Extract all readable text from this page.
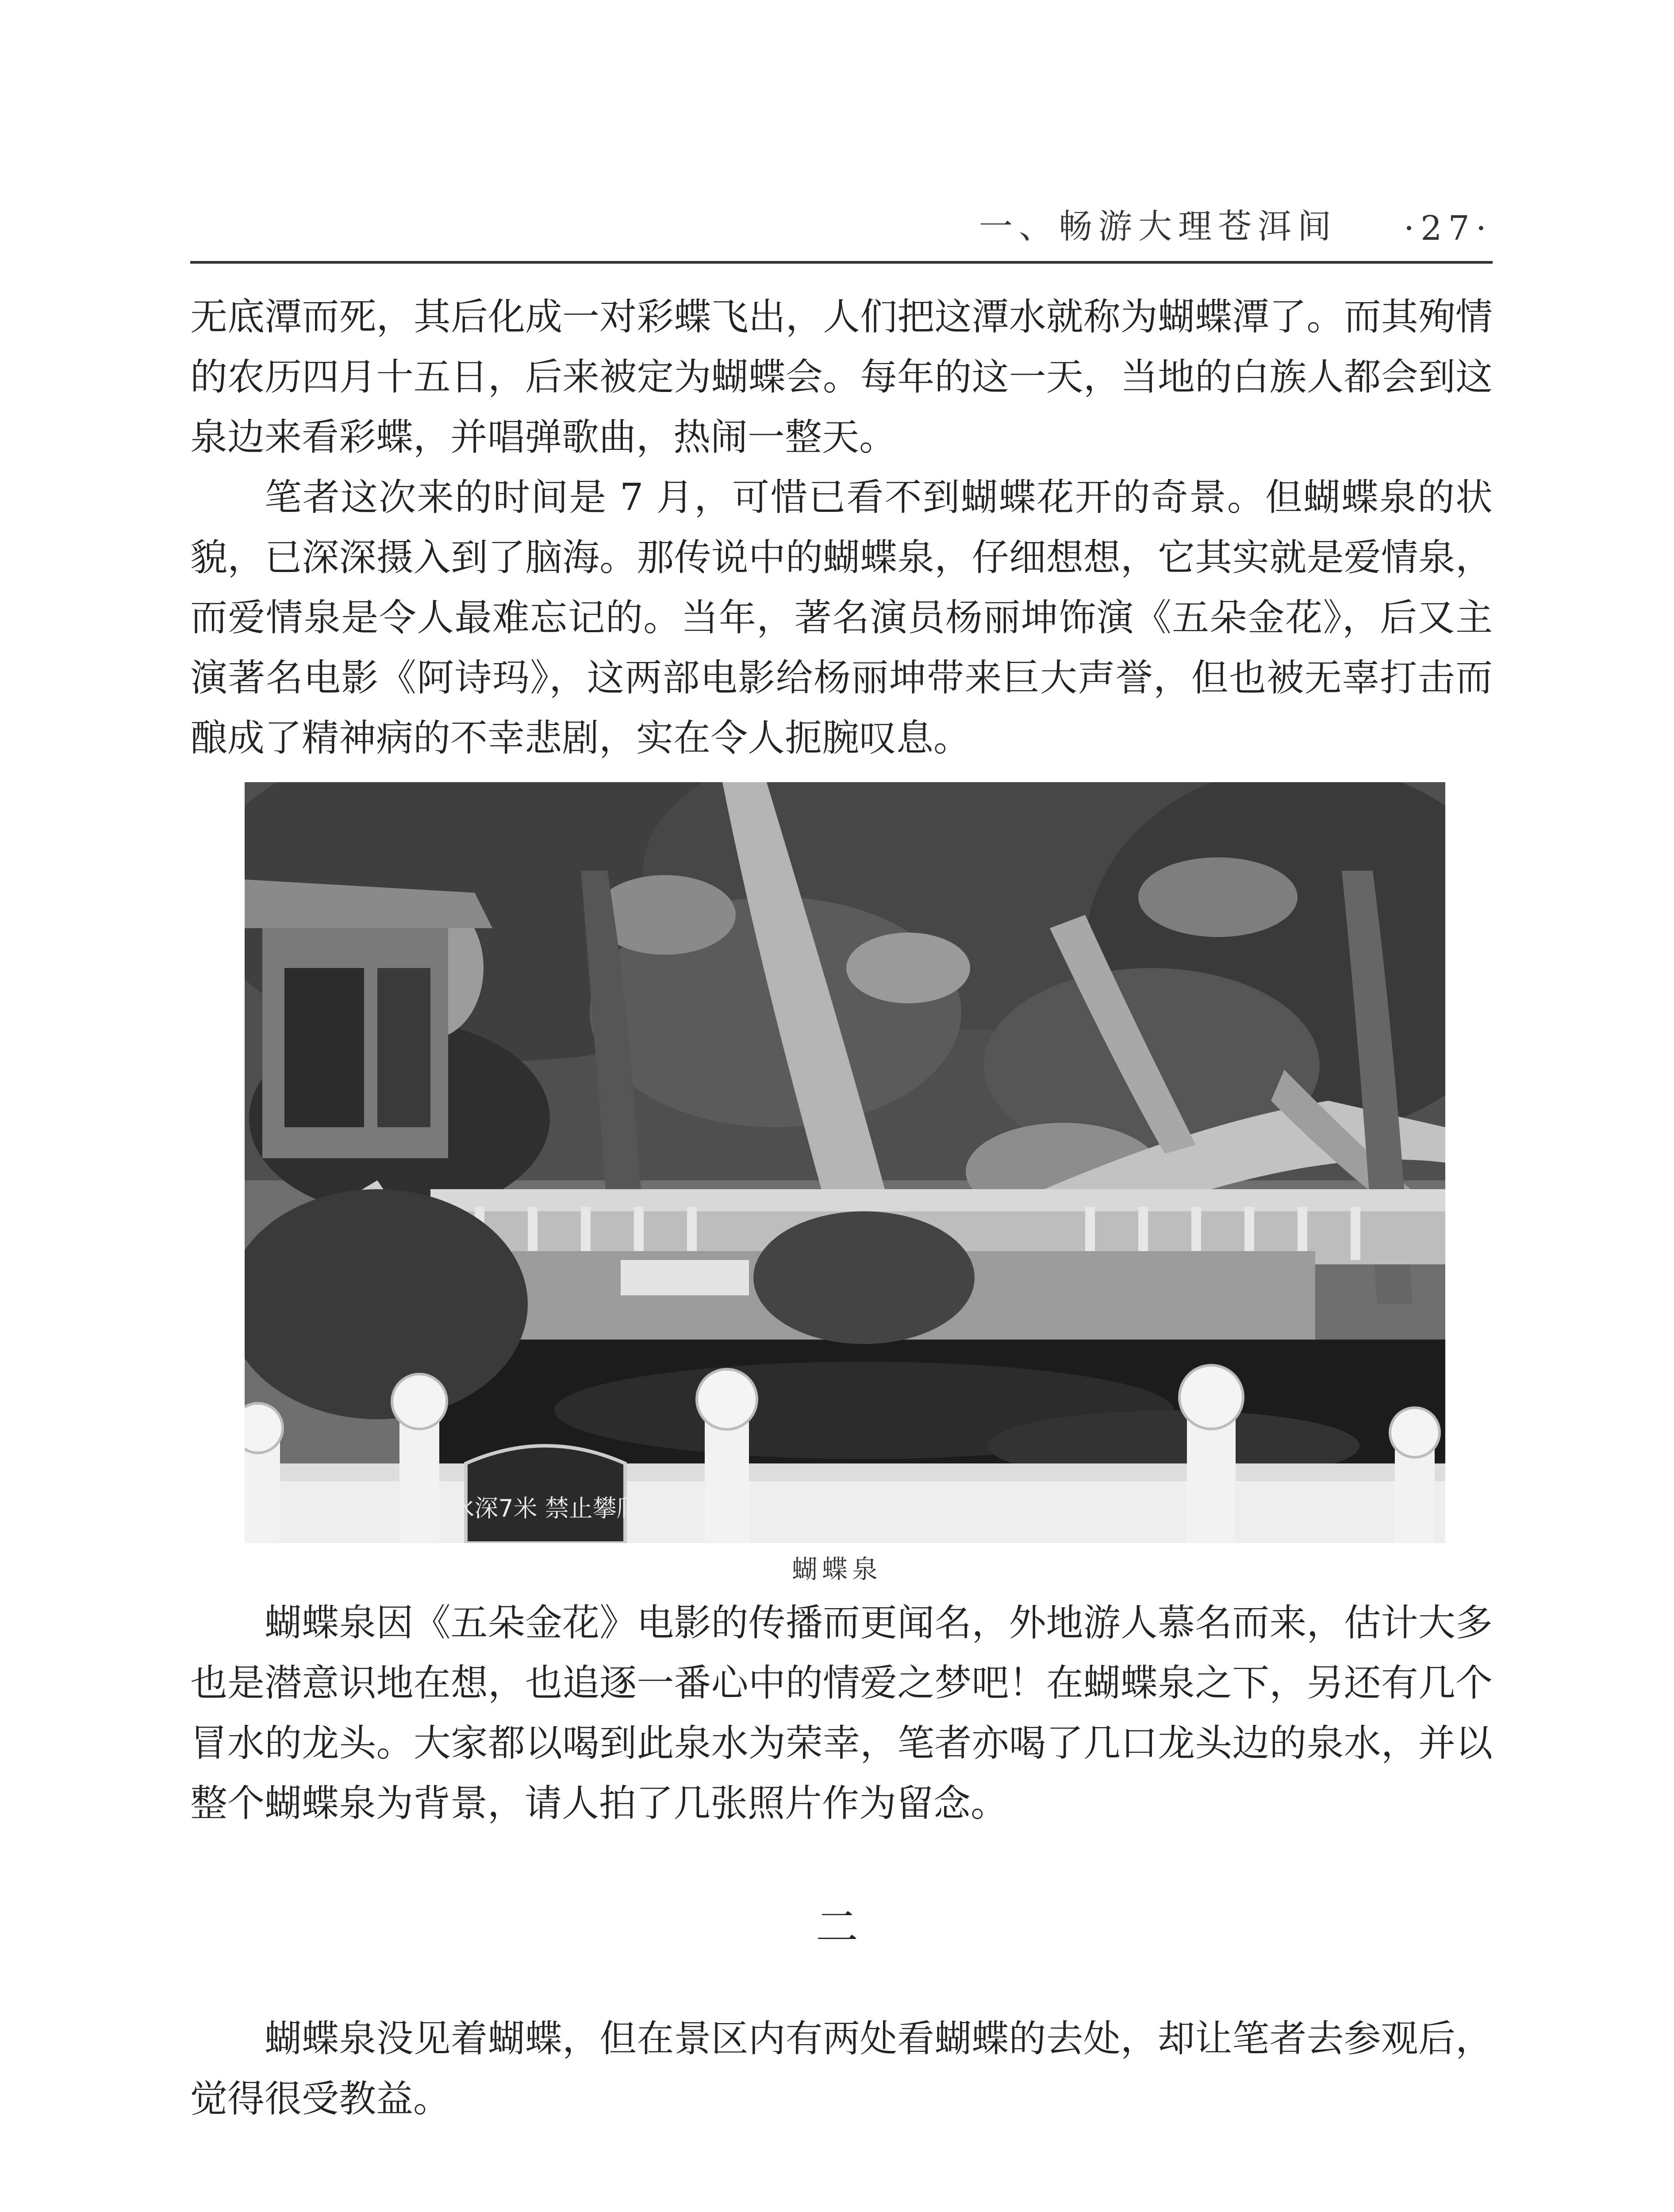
一、畅游大理苍洱间 ·27·

无底潭而死，其后化成一对彩蝶飞出，人们把这潭水就称为蝴蝶潭了。而其殉情的农历四月十五日，后来被定为蝴蝶会。每年的这一天，当地的白族人都会到这泉边来看彩蝶，并唱弹歌曲，热闹一整天。

笔者这次来的时间是 7 月，可惜已看不到蝴蝶花开的奇景。但蝴蝶泉的状貌，已深深摄入到了脑海。那传说中的蝴蝶泉，仔细想想，它其实就是爱情泉，而爱情泉是令人最难忘记的。当年，著名演员杨丽坤饰演《五朵金花》，后又主演著名电影《阿诗玛》，这两部电影给杨丽坤带来巨大声誉，但也被无辜打击而酿成了精神病的不幸悲剧，实在令人扼腕叹息。

水深7米 禁止攀爬
蝴蝶泉

蝴蝶泉因《五朵金花》电影的传播而更闻名，外地游人慕名而来，估计大多也是潜意识地在想，也追逐一番心中的情爱之梦吧！在蝴蝶泉之下，另还有几个冒水的龙头。大家都以喝到此泉水为荣幸，笔者亦喝了几口龙头边的泉水，并以整个蝴蝶泉为背景，请人拍了几张照片作为留念。

二

蝴蝶泉没见着蝴蝶，但在景区内有两处看蝴蝶的去处，却让笔者去参观后，觉得很受教益。
